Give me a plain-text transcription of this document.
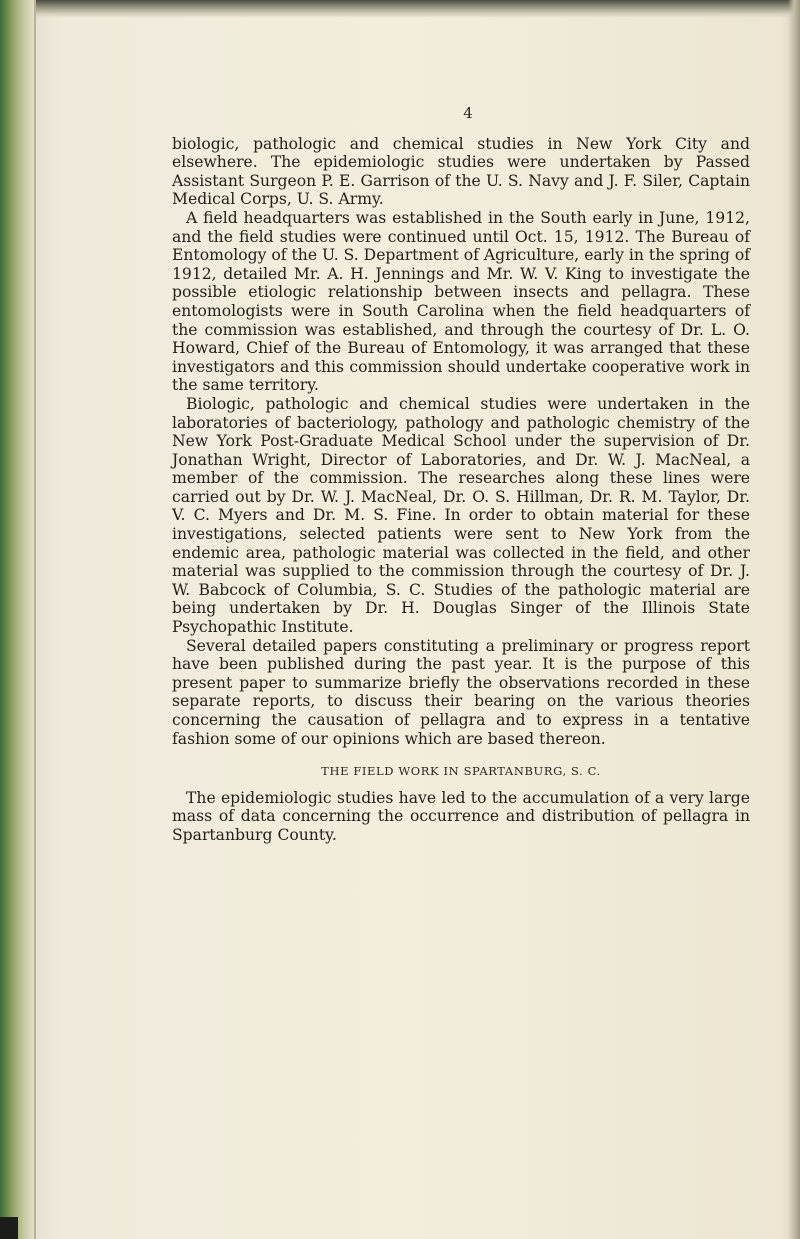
4

biologic, pathologic and chemical studies in New York City and elsewhere. The epidemiologic studies were undertaken by Passed Assistant Surgeon P. E. Garrison of the U. S. Navy and J. F. Siler, Captain Medical Corps, U. S. Army.

A field headquarters was established in the South early in June, 1912, and the field studies were continued until Oct. 15, 1912. The Bureau of Entomology of the U. S. Department of Agriculture, early in the spring of 1912, detailed Mr. A. H. Jennings and Mr. W. V. King to investigate the possible etiologic relationship between insects and pellagra. These entomologists were in South Carolina when the field headquarters of the commission was established, and through the courtesy of Dr. L. O. Howard, Chief of the Bureau of Entomology, it was arranged that these investigators and this commission should undertake cooperative work in the same territory.

Biologic, pathologic and chemical studies were undertaken in the laboratories of bacteriology, pathology and pathologic chemistry of the New York Post-Graduate Medical School under the supervision of Dr. Jonathan Wright, Director of Laboratories, and Dr. W. J. MacNeal, a member of the commission. The researches along these lines were carried out by Dr. W. J. MacNeal, Dr. O. S. Hillman, Dr. R. M. Taylor, Dr. V. C. Myers and Dr. M. S. Fine. In order to obtain material for these investigations, selected patients were sent to New York from the endemic area, pathologic material was collected in the field, and other material was supplied to the commission through the courtesy of Dr. J. W. Babcock of Columbia, S. C. Studies of the pathologic material are being undertaken by Dr. H. Douglas Singer of the Illinois State Psychopathic Institute.

Several detailed papers constituting a preliminary or progress report have been published during the past year. It is the purpose of this present paper to summarize briefly the observations recorded in these separate reports, to discuss their bearing on the various theories concerning the causation of pellagra and to express in a tentative fashion some of our opinions which are based thereon.

THE FIELD WORK IN SPARTANBURG, S. C.

The epidemiologic studies have led to the accumulation of a very large mass of data concerning the occurrence and distribution of pellagra in Spartanburg County.
